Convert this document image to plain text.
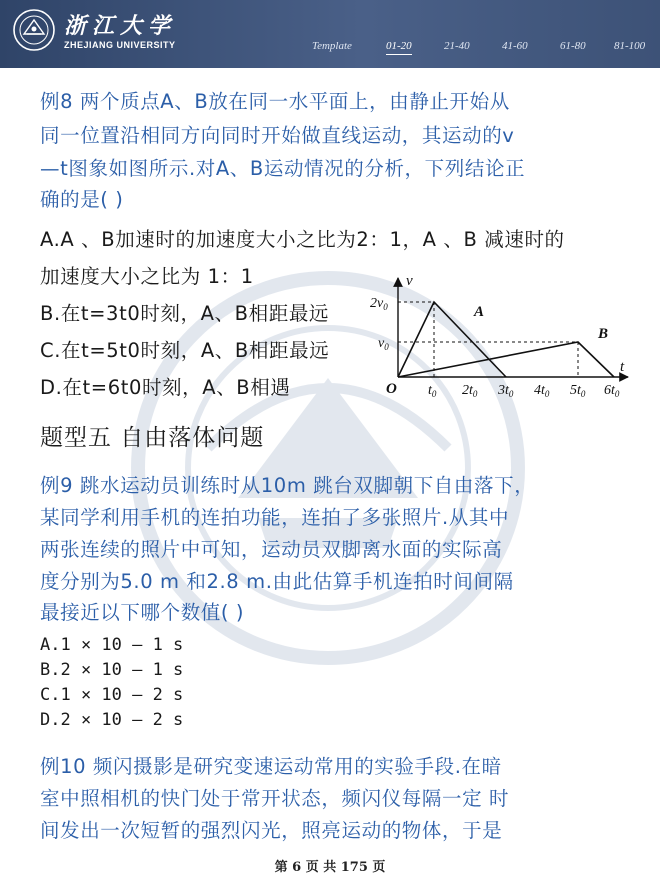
浙江大学
ZHEJIANG UNIVERSITY	Template	01-20	21-40	41-60	61-80	81-100
例8 两个质点A、B放在同一水平面上，由静止开始从
同一位置沿相同方向同时开始做直线运动，其运动的v
—t图象如图所示.对A、B运动情况的分析，下列结论正
确的是( )
A.A 、B加速时的加速度大小之比为2：1，A 、B 减速时的
加速度大小之比为 1：1
B.在t=3t0时刻，A、B相距最远
C.在t=5t0时刻，A、B相距最远
D.在t=6t0时刻，A、B相遇
v
t
O
$2v_0$
$v_0$
A
B
$t_0$ $2t_0$ $3t_0$ $4t_0$ $5t_0$ $6t_0$
题型五 自由落体问题
例9 跳水运动员训练时从10m 跳台双脚朝下自由落下，
某同学利用手机的连拍功能，连拍了多张照片.从其中
两张连续的照片中可知，运动员双脚离水面的实际高
度分别为5.0 m 和2.8 m.由此估算手机连拍时间间隔
最接近以下哪个数值( )
A.1 × 10 — 1 s
B.2 × 10 — 1 s
C.1 × 10 — 2 s
D.2 × 10 — 2 s
例10 频闪摄影是研究变速运动常用的实验手段.在暗
室中照相机的快门处于常开状态，频闪仪每隔一定 时
间发出一次短暂的强烈闪光，照亮运动的物体，于是
第 6 页 共 175 页
